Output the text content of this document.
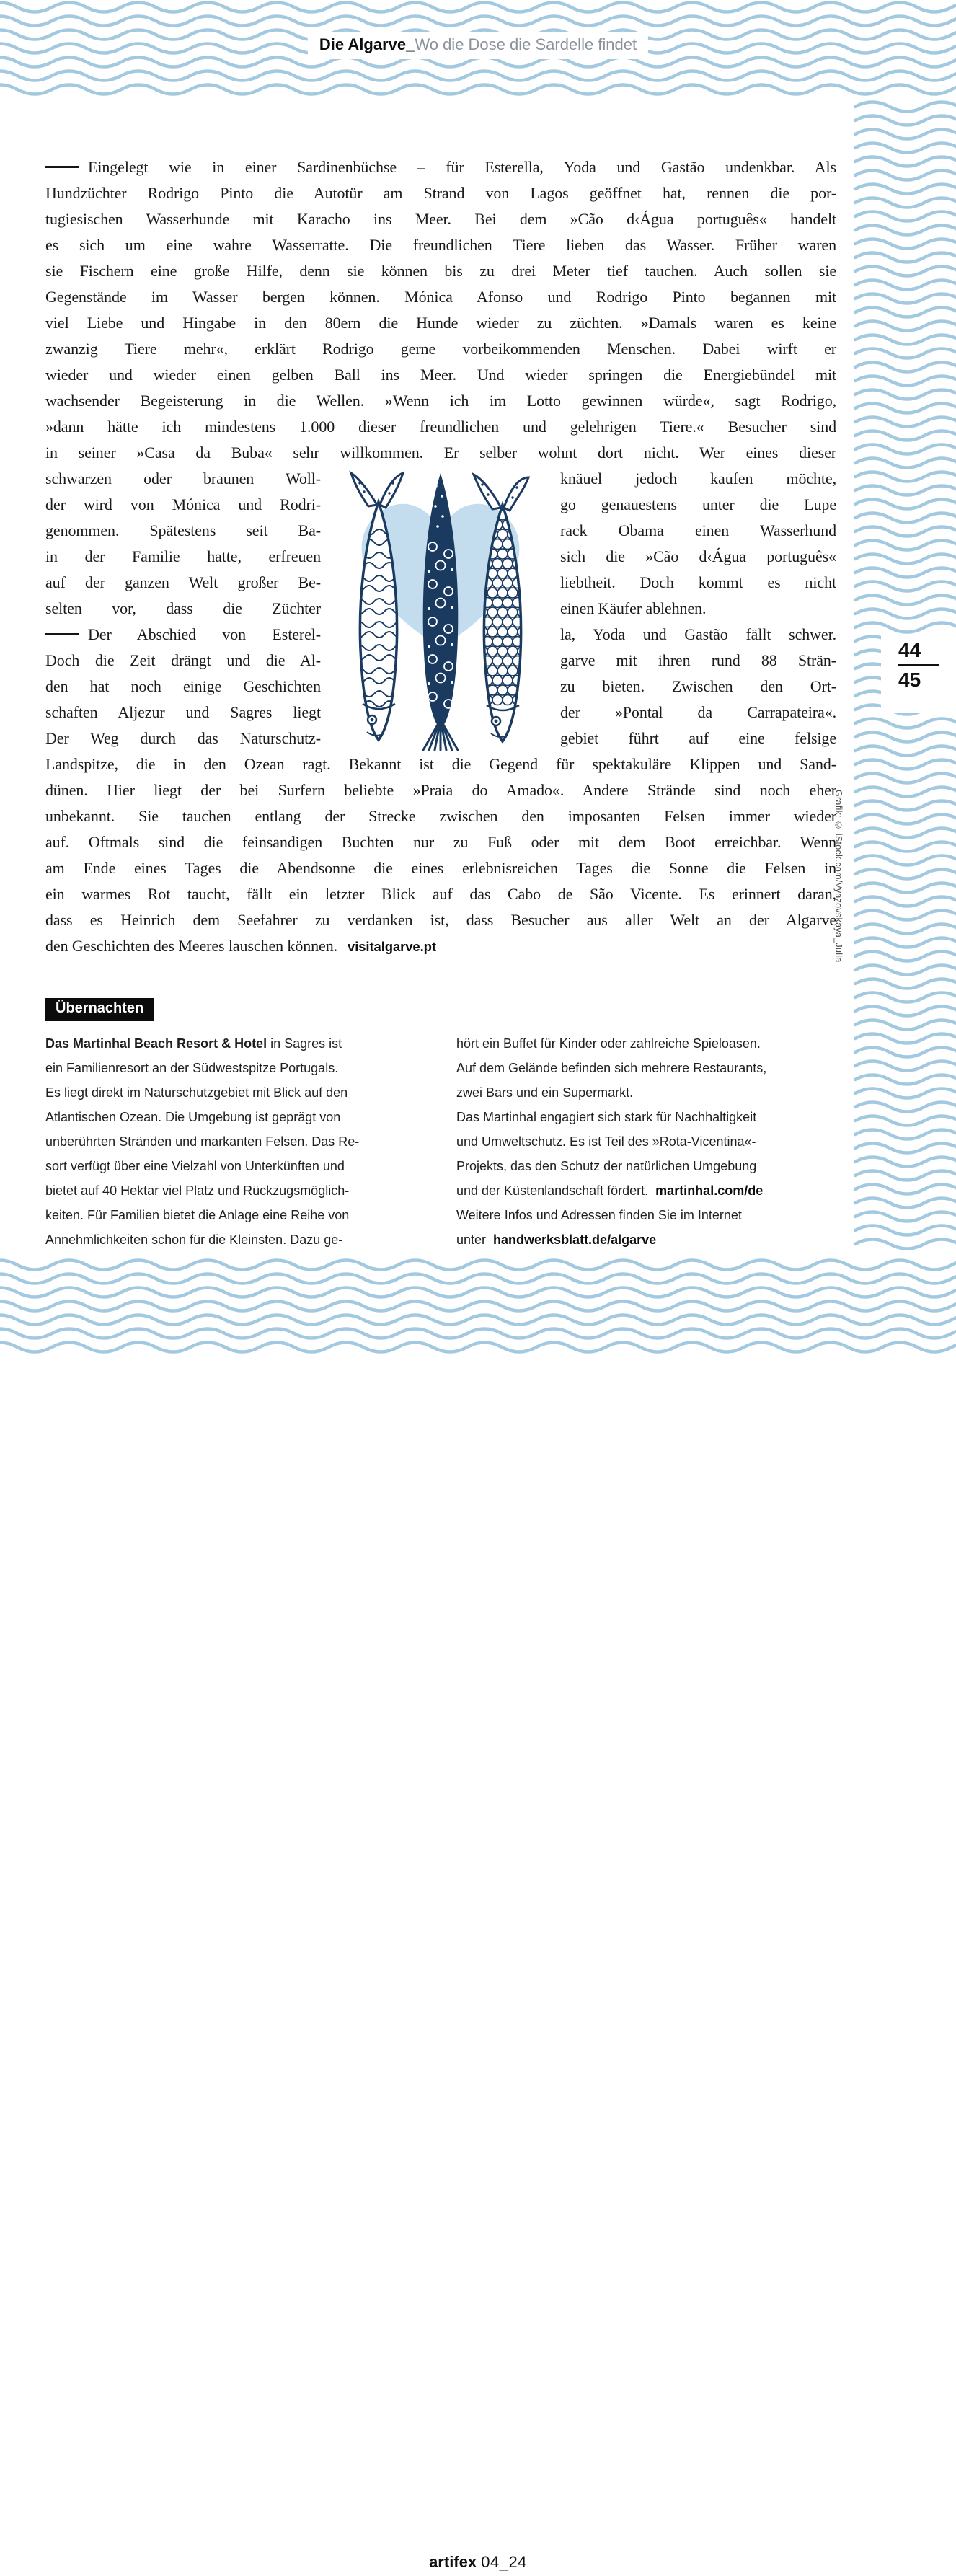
Die Algarve_Wo die Dose die Sardelle findet
44
45
Grafik: © iStock.com/Vyazovskaya_Julia
Eingelegt wie in einer Sardinenbüchse – für Esterella, Yoda und Gastão undenkbar. Als
Hundzüchter Rodrigo Pinto die Autotür am Strand von Lagos geöffnet hat, rennen die por-
tugiesischen Wasserhunde mit Karacho ins Meer. Bei dem »Cão d‹Água português« handelt
es sich um eine wahre Wasserratte. Die freundlichen Tiere lieben das Wasser. Früher waren
sie Fischern eine große Hilfe, denn sie können bis zu drei Meter tief tauchen. Auch sollen sie
Gegenstände im Wasser bergen können. Mónica Afonso und Rodrigo Pinto begannen mit
viel Liebe und Hingabe in den 80ern die Hunde wieder zu züchten. »Damals waren es keine
zwanzig Tiere mehr«, erklärt Rodrigo gerne vorbeikommenden Menschen. Dabei wirft er
wieder und wieder einen gelben Ball ins Meer. Und wieder springen die Energiebündel mit
wachsender Begeisterung in die Wellen. »Wenn ich im Lotto gewinnen würde«, sagt Rodrigo,
»dann hätte ich mindestens 1.000 dieser freundlichen und gelehrigen Tiere.« Besucher sind
in seiner »Casa da Buba« sehr willkommen. Er selber wohnt dort nicht. Wer eines dieser
schwarzen oder braunen Woll-
der wird von Mónica und Rodri-
genommen. Spätestens seit Ba-
in der Familie hatte, erfreuen
auf der ganzen Welt großer Be-
selten vor, dass die Züchter
Der Abschied von Esterel-
Doch die Zeit drängt und die Al-
den hat noch einige Geschichten
schaften Aljezur und Sagres liegt
Der Weg durch das Naturschutz-
knäuel jedoch kaufen möchte,
go genauestens unter die Lupe
rack Obama einen Wasserhund
sich die »Cão d‹Água português«
liebtheit. Doch kommt es nicht
einen Käufer ablehnen.
la, Yoda und Gastão fällt schwer.
garve mit ihren rund 88 Strän-
zu bieten. Zwischen den Ort-
der »Pontal da Carrapateira«.
gebiet führt auf eine felsige
Landspitze, die in den Ozean ragt. Bekannt ist die Gegend für spektakuläre Klippen und Sand-
dünen. Hier liegt der bei Surfern beliebte »Praia do Amado«. Andere Strände sind noch eher
unbekannt. Sie tauchen entlang der Strecke zwischen den imposanten Felsen immer wieder
auf. Oftmals sind die feinsandigen Buchten nur zu Fuß oder mit dem Boot erreichbar. Wenn
am Ende eines Tages die Abendsonne die eines erlebnisreichen Tages die Sonne die Felsen in
ein warmes Rot taucht, fällt ein letzter Blick auf das Cabo de São Vicente. Es erinnert daran,
dass es Heinrich dem Seefahrer zu verdanken ist, dass Besucher aus aller Welt an der Algarve
den Geschichten des Meeres lauschen können. visitalgarve.pt
Übernachten
Das Martinhal Beach Resort & Hotel in Sagres ist
ein Familienresort an der Südwestspitze Portugals.
Es liegt direkt im Naturschutzgebiet mit Blick auf den
Atlantischen Ozean. Die Umgebung ist geprägt von
unberührten Stränden und markanten Felsen. Das Re-
sort verfügt über eine Vielzahl von Unterkünften und
bietet auf 40 Hektar viel Platz und Rückzugsmöglich-
keiten. Für Familien bietet die Anlage eine Reihe von
Annehmlichkeiten schon für die Kleinsten. Dazu ge-
hört ein Buffet für Kinder oder zahlreiche Spieloasen.
Auf dem Gelände befinden sich mehrere Restaurants,
zwei Bars und ein Supermarkt.
Das Martinhal engagiert sich stark für Nachhaltigkeit
und Umweltschutz. Es ist Teil des »Rota-Vicentina«-
Projekts, das den Schutz der natürlichen Umgebung
und der Küstenlandschaft fördert. martinhal.com/de
Weitere Infos und Adressen finden Sie im Internet
unter handwerksblatt.de/algarve
artifex 04_24
